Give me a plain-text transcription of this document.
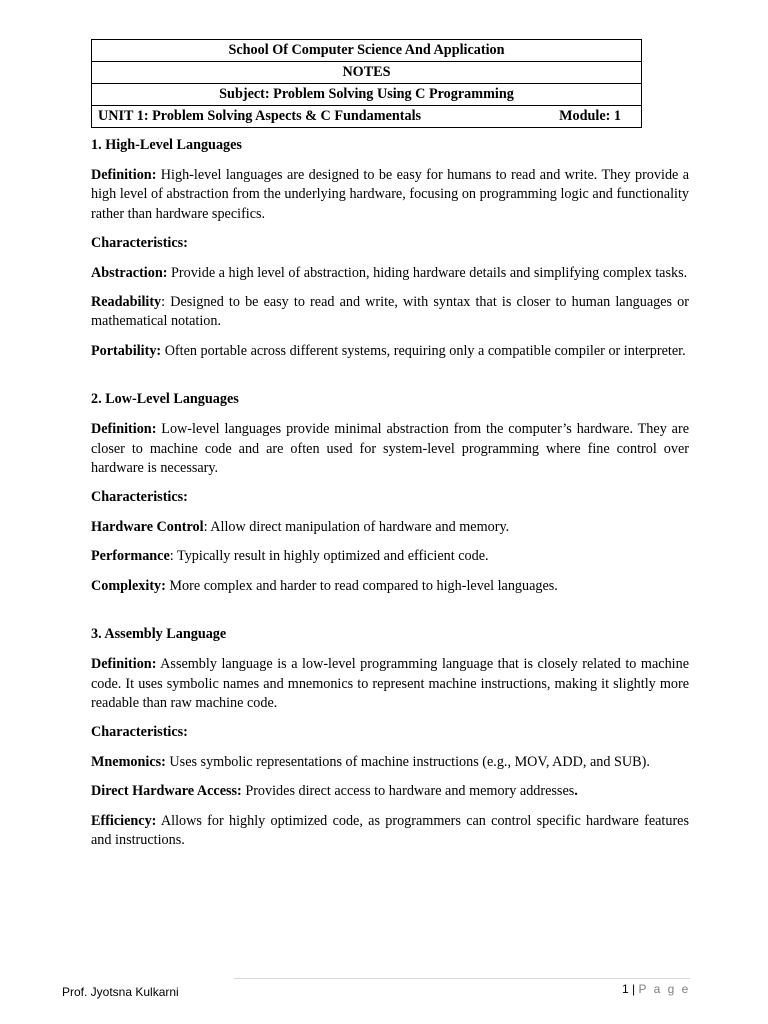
School Of Computer Science And Application
NOTES
Subject: Problem Solving Using C Programming
UNIT 1: Problem Solving Aspects & C Fundamentals	Module: 1
1. High-Level Languages

Definition: High-level languages are designed to be easy for humans to read and write. They provide a high level of abstraction from the underlying hardware, focusing on programming logic and functionality rather than hardware specifics.

Characteristics:

Abstraction: Provide a high level of abstraction, hiding hardware details and simplifying complex tasks.

Readability: Designed to be easy to read and write, with syntax that is closer to human languages or mathematical notation.

Portability: Often portable across different systems, requiring only a compatible compiler or interpreter.

2. Low-Level Languages

Definition: Low-level languages provide minimal abstraction from the computer’s hardware. They are closer to machine code and are often used for system-level programming where fine control over hardware is necessary.

Characteristics:

Hardware Control: Allow direct manipulation of hardware and memory.

Performance: Typically result in highly optimized and efficient code.

Complexity: More complex and harder to read compared to high-level languages.

3. Assembly Language

Definition: Assembly language is a low-level programming language that is closely related to machine code. It uses symbolic names and mnemonics to represent machine instructions, making it slightly more readable than raw machine code.

Characteristics:

Mnemonics: Uses symbolic representations of machine instructions (e.g., MOV, ADD, and SUB).

Direct Hardware Access: Provides direct access to hardware and memory addresses.

Efficiency: Allows for highly optimized code, as programmers can control specific hardware features and instructions.

Prof. Jyotsna Kulkarni	1 | P a g e
